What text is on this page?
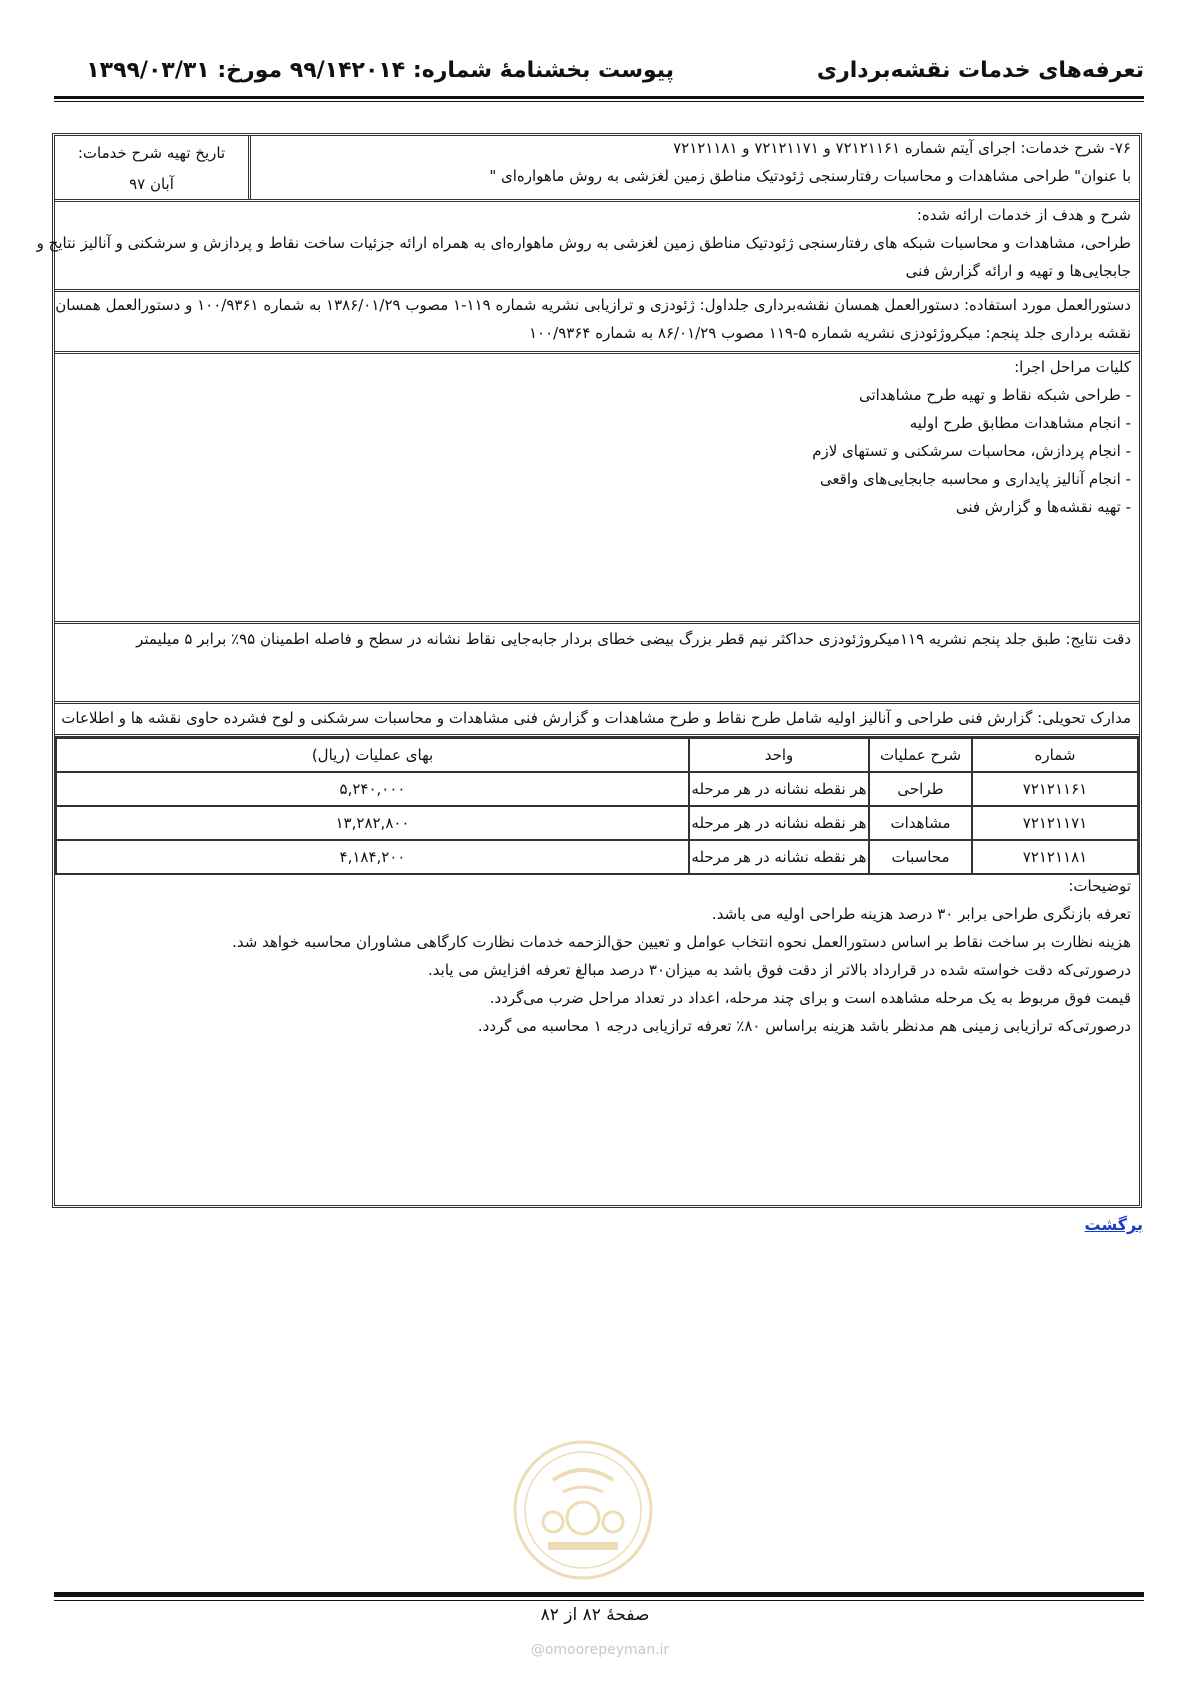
تعرفه‌های خدمات نقشه‌برداری
پیوست بخشنامۀ شماره: ۹۹/۱۴۲۰۱۴ مورخ: ۱۳۹۹/۰۳/۳۱
۷۶- شرح خدمات: اجرای آیتم شماره ۷۲۱۲۱۱۶۱ و ۷۲۱۲۱۱۷۱ و ۷۲۱۲۱۱۸۱
با عنوان" طراحی مشاهدات و محاسبات رفتارسنجی ژئودتیک مناطق زمین لغزشی به روش ماهواره‌ای "
تاریخ تهیه شرح خدمات:
آبان ۹۷
شرح و هدف از خدمات ارائه شده:
طراحی، مشاهدات و محاسبات شبکه های رفتارسنجی ژئودتیک مناطق زمین لغزشی به روش ماهواره‌ای به همراه ارائه جزئیات ساخت نقاط و پردازش و سرشکنی و آنالیز نتایج و
جابجایی‌ها و تهیه و ارائه گزارش فنی
دستورالعمل مورد استفاده: دستورالعمل همسان نقشه‌برداری جلداول: ژئودزی و ترازیابی نشریه شماره ۱۱۹-۱ مصوب ۱۳۸۶/۰۱/۲۹ به شماره ۱۰۰/۹۳۶۱ و دستورالعمل همسان
نقشه برداری جلد پنجم: میکروژئودزی نشریه شماره ۵-۱۱۹ مصوب ۸۶/۰۱/۲۹ به شماره ۱۰۰/۹۳۶۴
کلیات مراحل اجرا:
- طراحی شبکه نقاط و تهیه طرح مشاهداتی
- انجام مشاهدات مطابق طرح اولیه
- انجام پردازش، محاسبات سرشکنی و تستهای لازم
- انجام آنالیز پایداری و محاسبه جابجایی‌های واقعی
- تهیه نقشه‌ها و گزارش فنی
دقت نتایج: طبق جلد پنجم نشریه ۱۱۹میکروژئودزی حداکثر نیم قطر بزرگ بیضی خطای بردار جابه‌جایی نقاط نشانه در سطح و فاصله اطمینان ۹۵٪ برابر ۵ میلیمتر
مدارک تحویلی: گزارش فنی طراحی و آنالیز اولیه شامل طرح نقاط و طرح مشاهدات و گزارش فنی مشاهدات و محاسبات سرشکنی و لوح فشرده حاوی نقشه ها و اطلاعات
شماره	شرح عملیات	واحد	بهای عملیات (ریال)
۷۲۱۲۱۱۶۱	طراحی	هر نقطه نشانه در هر مرحله	۵,۲۴۰,۰۰۰
۷۲۱۲۱۱۷۱	مشاهدات	هر نقطه نشانه در هر مرحله	۱۳,۲۸۲,۸۰۰
۷۲۱۲۱۱۸۱	محاسبات	هر نقطه نشانه در هر مرحله	۴,۱۸۴,۲۰۰
توضیحات:
تعرفه بازنگری طراحی برابر ۳۰ درصد هزینه طراحی اولیه می باشد.
هزینه نظارت بر ساخت نقاط بر اساس دستورالعمل نحوه انتخاب عوامل و تعیین حق‌الزحمه خدمات نظارت کارگاهی مشاوران محاسبه خواهد شد.
درصورتی‌که دقت خواسته شده در قرارداد بالاتر از دقت فوق باشد به میزان۳۰ درصد مبالغ تعرفه افزایش می یابد.
قیمت فوق مربوط به یک مرحله مشاهده است و برای چند مرحله، اعداد در تعداد مراحل ضرب می‌گردد.
درصورتی‌که ترازیابی زمینی هم مدنظر باشد هزینه براساس ۸۰٪ تعرفه ترازیابی درجه ۱ محاسبه می گردد.
برگشت
صفحۀ ۸۲ از ۸۲
@omoorepeyman.ir
